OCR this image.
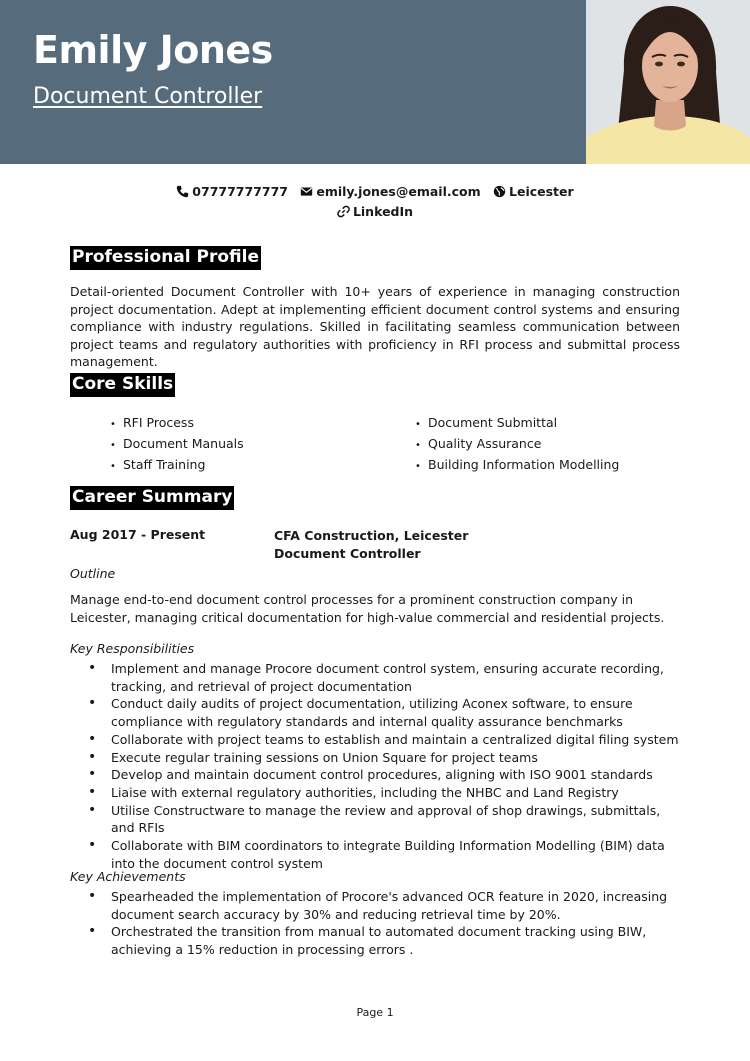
Emily Jones
Document Controller
07777777777 emily.jones@email.com Leicester
LinkedIn
Professional Profile
Detail-oriented Document Controller with 10+ years of experience in managing construction project documentation. Adept at implementing efficient document control systems and ensuring compliance with industry regulations. Skilled in facilitating seamless communication between project teams and regulatory authorities with proficiency in RFI process and submittal process management.
Core Skills
• RFI Process
• Document Manuals
• Staff Training
• Document Submittal
• Quality Assurance
• Building Information Modelling
Career Summary
Aug 2017 - Present	CFA Construction, Leicester
Document Controller
Outline
Manage end-to-end document control processes for a prominent construction company in Leicester, managing critical documentation for high-value commercial and residential projects.
Key Responsibilities
• Implement and manage Procore document control system, ensuring accurate recording, tracking, and retrieval of project documentation
• Conduct daily audits of project documentation, utilizing Aconex software, to ensure compliance with regulatory standards and internal quality assurance benchmarks
• Collaborate with project teams to establish and maintain a centralized digital filing system
• Execute regular training sessions on Union Square for project teams
• Develop and maintain document control procedures, aligning with ISO 9001 standards
• Liaise with external regulatory authorities, including the NHBC and Land Registry
• Utilise Constructware to manage the review and approval of shop drawings, submittals, and RFIs
• Collaborate with BIM coordinators to integrate Building Information Modelling (BIM) data into the document control system
Key Achievements
• Spearheaded the implementation of Procore's advanced OCR feature in 2020, increasing document search accuracy by 30% and reducing retrieval time by 20%.
• Orchestrated the transition from manual to automated document tracking using BIW, achieving a 15% reduction in processing errors .
Page 1
